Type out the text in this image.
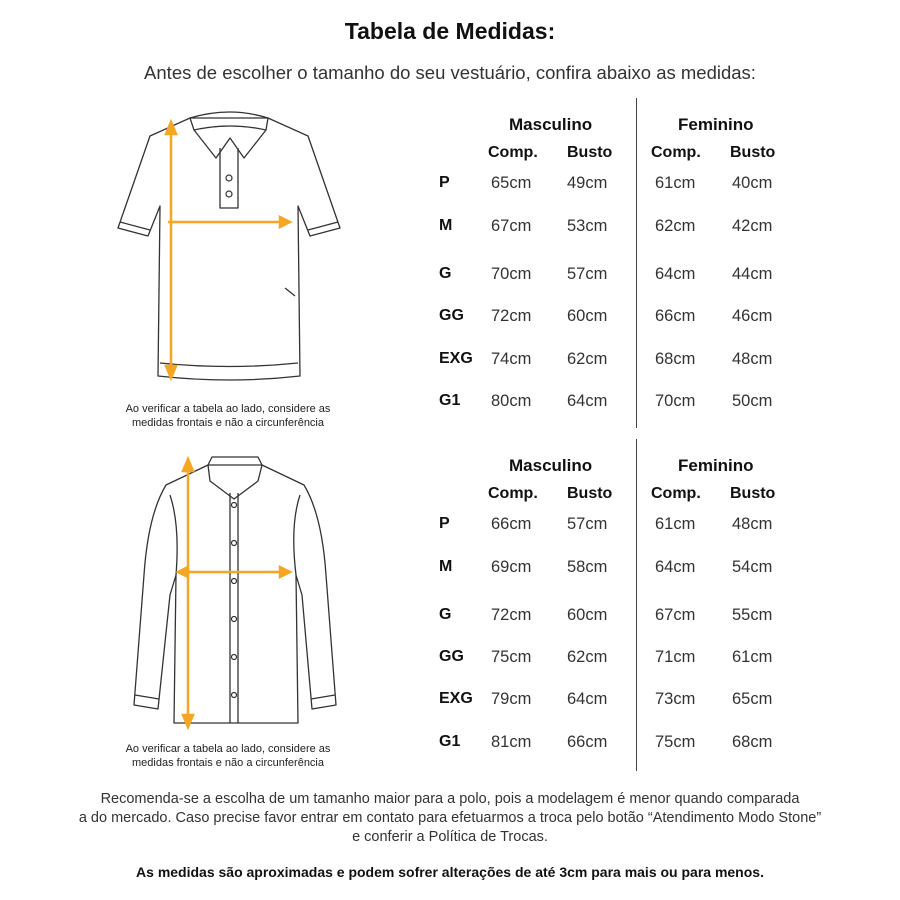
Tabela de Medidas:
Antes de escolher o tamanho do seu vestuário, confira abaixo as medidas:
Ao verificar a tabela ao lado, considere as
medidas frontais e não a circunferência
Ao verificar a tabela ao lado, considere as
medidas frontais e não a circunferência
Masculino	Feminino
Comp. Busto Comp. Busto
P	65cm 49cm	61cm 40cm
M 67cm 53cm	62cm 42cm
G 70cm 57cm	64cm 44cm
GG 72cm 60cm	66cm 46cm
EXG 74cm 62cm	68cm 48cm
G1 80cm 64cm	70cm 50cm
Masculino	Feminino
Comp. Busto Comp. Busto
P	66cm 57cm	61cm 48cm
M 69cm 58cm	64cm 54cm
G 72cm 60cm	67cm 55cm
GG 75cm 62cm	71cm 61cm
EXG 79cm 64cm	73cm 65cm
G1 81cm 66cm	75cm 68cm
Recomenda-se a escolha de um tamanho maior para a polo, pois a modelagem é menor quando comparada
a do mercado. Caso precise favor entrar em contato para efetuarmos a troca pelo botão “Atendimento Modo Stone”
e conferir a Política de Trocas.
As medidas são aproximadas e podem sofrer alterações de até 3cm para mais ou para menos.
